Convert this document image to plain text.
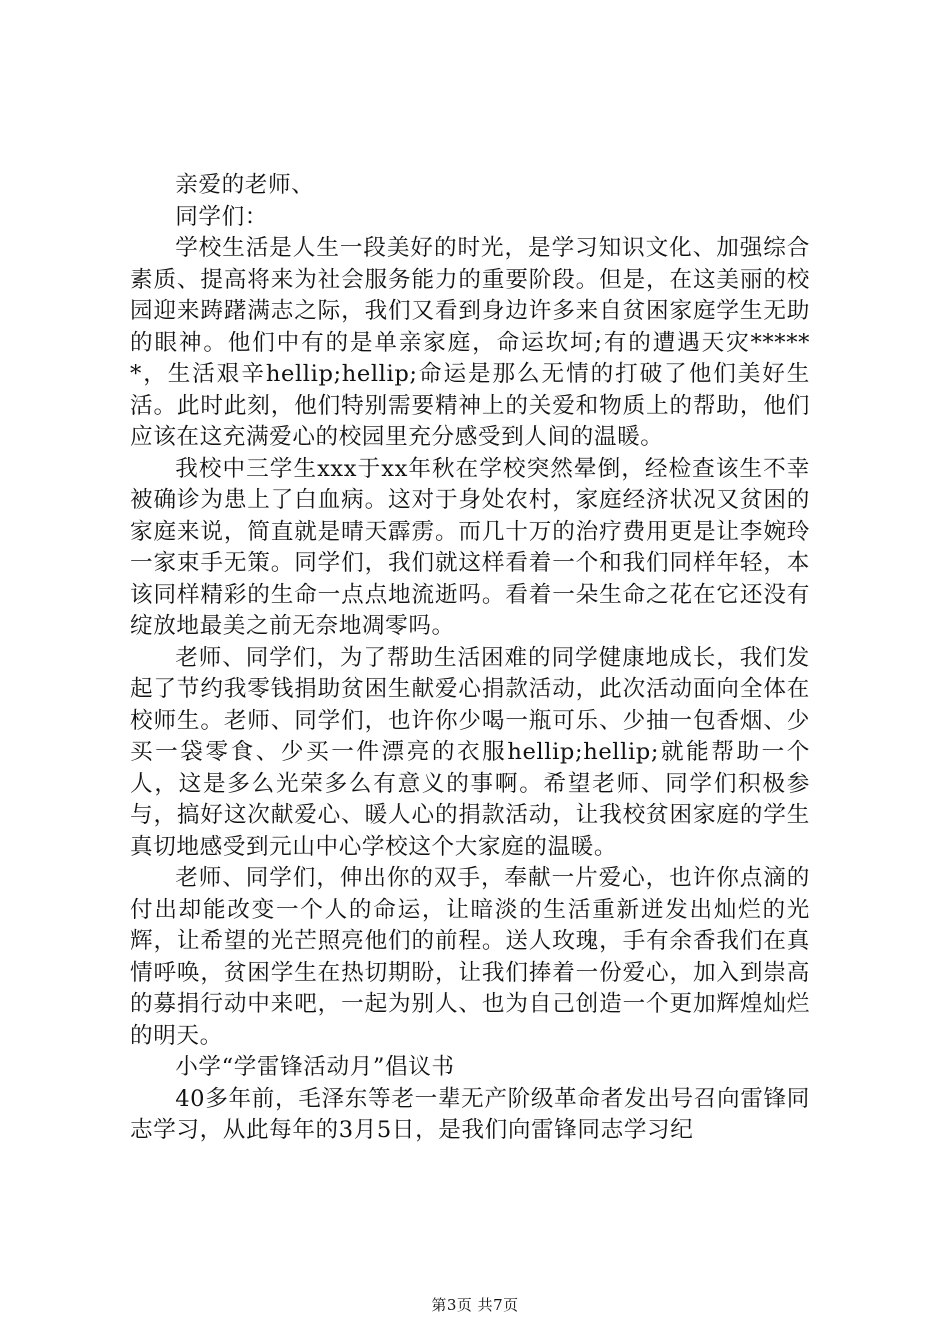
亲爱的老师、

同学们：

学校生活是人生一段美好的时光，是学习知识文化、加强综合素质、提高将来为社会服务能力的重要阶段。但是，在这美丽的校园迎来踌躇满志之际，我们又看到身边许多来自贫困家庭学生无助的眼神。他们中有的是单亲家庭，命运坎坷;有的遭遇天灾******，生活艰辛hellip;hellip;命运是那么无情的打破了他们美好生活。此时此刻，他们特别需要精神上的关爱和物质上的帮助，他们应该在这充满爱心的校园里充分感受到人间的温暖。

我校中三学生xxx于xx年秋在学校突然晕倒，经检查该生不幸被确诊为患上了白血病。这对于身处农村，家庭经济状况又贫困的家庭来说，简直就是晴天霹雳。而几十万的治疗费用更是让李婉玲一家束手无策。同学们，我们就这样看着一个和我们同样年轻，本该同样精彩的生命一点点地流逝吗。看着一朵生命之花在它还没有绽放地最美之前无奈地凋零吗。

老师、同学们，为了帮助生活困难的同学健康地成长，我们发起了节约我零钱捐助贫困生献爱心捐款活动，此次活动面向全体在校师生。老师、同学们，也许你少喝一瓶可乐、少抽一包香烟、少买一袋零食、少买一件漂亮的衣服hellip;hellip;就能帮助一个人，这是多么光荣多么有意义的事啊。希望老师、同学们积极参与，搞好这次献爱心、暖人心的捐款活动，让我校贫困家庭的学生真切地感受到元山中心学校这个大家庭的温暖。

老师、同学们，伸出你的双手，奉献一片爱心，也许你点滴的付出却能改变一个人的命运，让暗淡的生活重新迸发出灿烂的光辉，让希望的光芒照亮他们的前程。送人玫瑰，手有余香我们在真情呼唤，贫困学生在热切期盼，让我们捧着一份爱心，加入到崇高的募捐行动中来吧，一起为别人、也为自己创造一个更加辉煌灿烂的明天。

小学“学雷锋活动月”倡议书

40多年前，毛泽东等老一辈无产阶级革命者发出号召向雷锋同志学习，从此每年的3月5日，是我们向雷锋同志学习纪

第3页 共7页
